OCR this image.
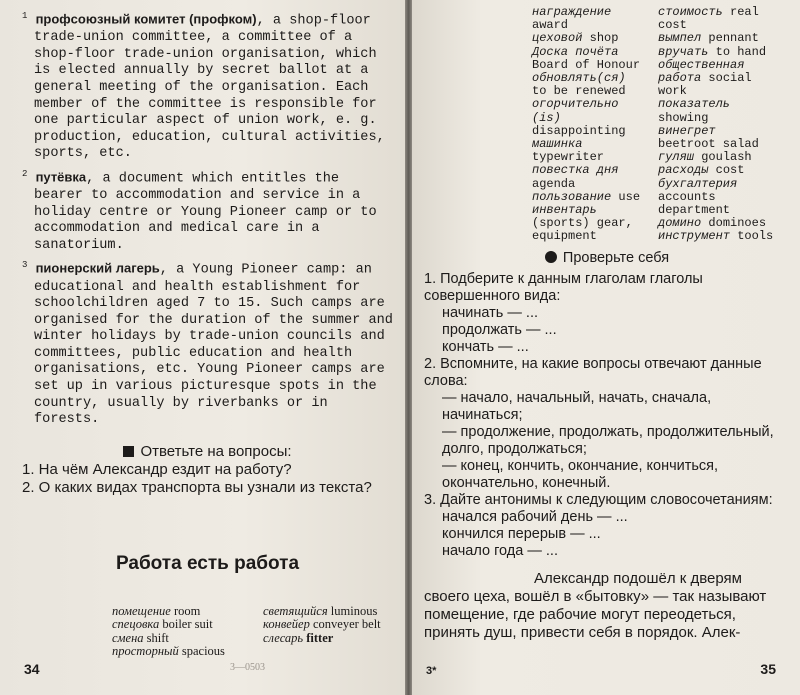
$^1$ профсоюзный комитет (профком), a shop-floor trade-union committee, a committee of a shop-floor trade-union organisation, which is elected annually by secret ballot at a general meeting of the organisation. Each member of the committee is responsible for one particular aspect of union work, e. g. production, education, cultural activities, sports, etc.

$^2$ путёвка, a document which entitles the bearer to accommodation and service in a holiday centre or Young Pioneer camp or to accommodation and medical care in a sanatorium.

$^3$ пионерский лагерь, a Young Pioneer camp: an educational and health establishment for schoolchildren aged 7 to 15. Such camps are organised for the duration of the summer and winter holidays by trade-union councils and committees, public education and health organisations, etc. Young Pioneer camps are set up in various picturesque spots in the country, usually by riverbanks or in forests.

Ответьте на вопросы:
1. На чём Александр ездит на работу?
2. О каких видах транспорта вы узнали из текста?
Работа есть работа
помещение room
спецовка boiler suit
смена shift
просторный spacious
светящийся luminous
конвейер conveyer belt
слесарь fitter
34	3—0503
награждение award
цеховой shop
Доска почёта Board of Honour
обновлять(ся) to be renewed
огорчительно (is) disappointing
машинка typewriter
повестка дня agenda
пользование use
инвентарь (sports) gear, equipment
стоимость real cost
вымпел pennant
вручать to hand
общественная работа social work
показатель showing
винегрет beetroot salad
гуляш goulash
расходы cost
бухгалтерия accounts department
домино dominoes
инструмент tools
Проверьте себя
1. Подберите к данным глаголам глаголы совершенного вида:
начинать — ...
продолжать — ...
кончать — ...
2. Вспомните, на какие вопросы отвечают данные слова:
— начало, начальный, начать, сначала, начинаться;
— продолжение, продолжать, продолжительный, долго, продолжаться;
— конец, кончить, окончание, кончиться, окончательно, конечный.
3. Дайте антонимы к следующим словосочетаниям:
начался рабочий день — ...
кончился перерыв — ...
начало года — ...
Александр подошёл к дверям своего цеха, вошёл в «бытовку» — так называют помещение, где рабочие могут переодеться, принять душ, привести себя в порядок. Алек-
3*	35
